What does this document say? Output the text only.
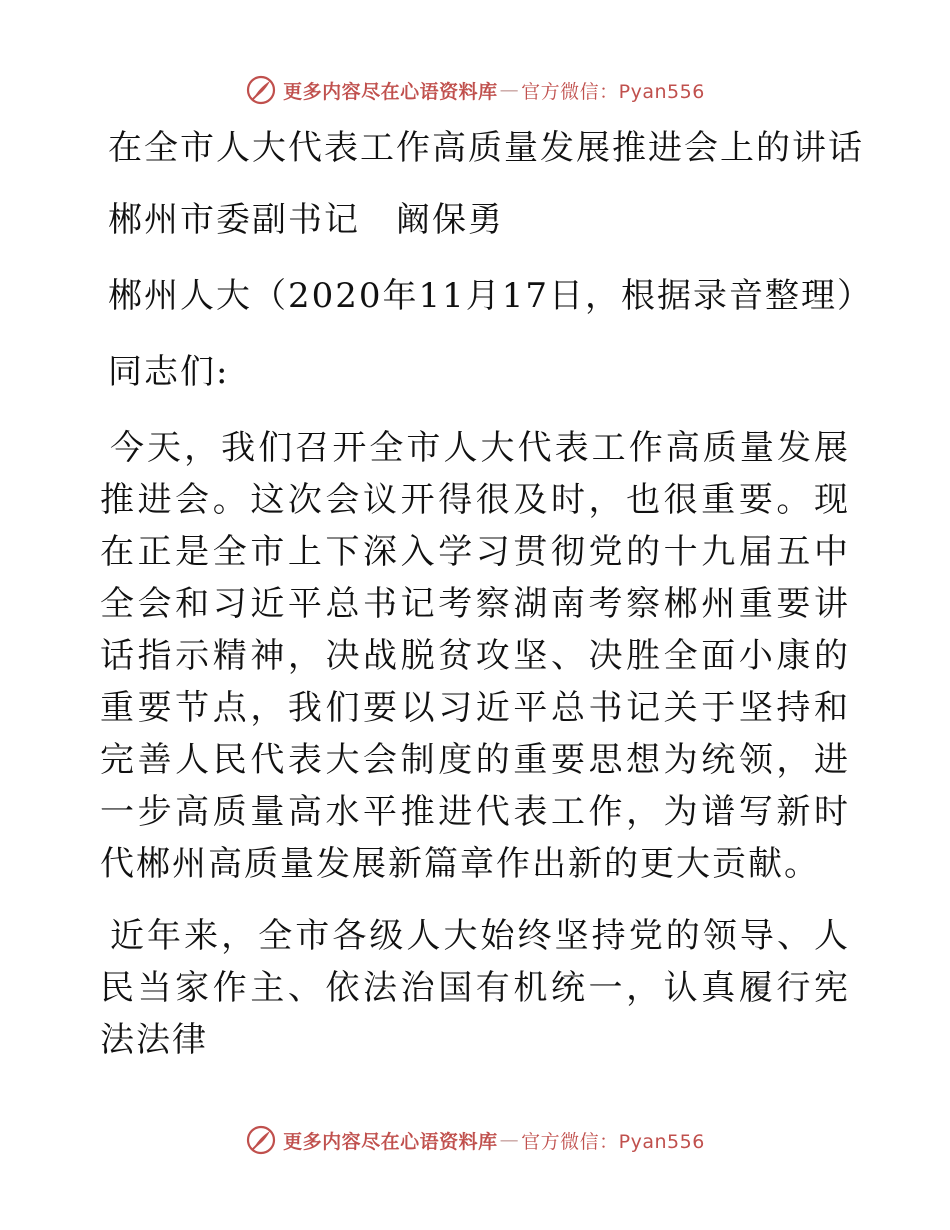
更多内容尽在心语资料库 — 官方微信：Pyan556
在全市人大代表工作高质量发展推进会上的讲话
郴州市委副书记　阚保勇
郴州人大（2020年11月17日，根据录音整理）
同志们:

今天，我们召开全市人大代表工作高质量发展推进会。这次会议开得很及时，也很重要。现在正是全市上下深入学习贯彻党的十九届五中全会和习近平总书记考察湖南考察郴州重要讲话指示精神，决战脱贫攻坚、决胜全面小康的重要节点，我们要以习近平总书记关于坚持和完善人民代表大会制度的重要思想为统领，进一步高质量高水平推进代表工作，为谱写新时代郴州高质量发展新篇章作出新的更大贡献。

近年来，全市各级人大始终坚持党的领导、人民当家作主、依法治国有机统一，认真履行宪法法律

更多内容尽在心语资料库 — 官方微信：Pyan556
